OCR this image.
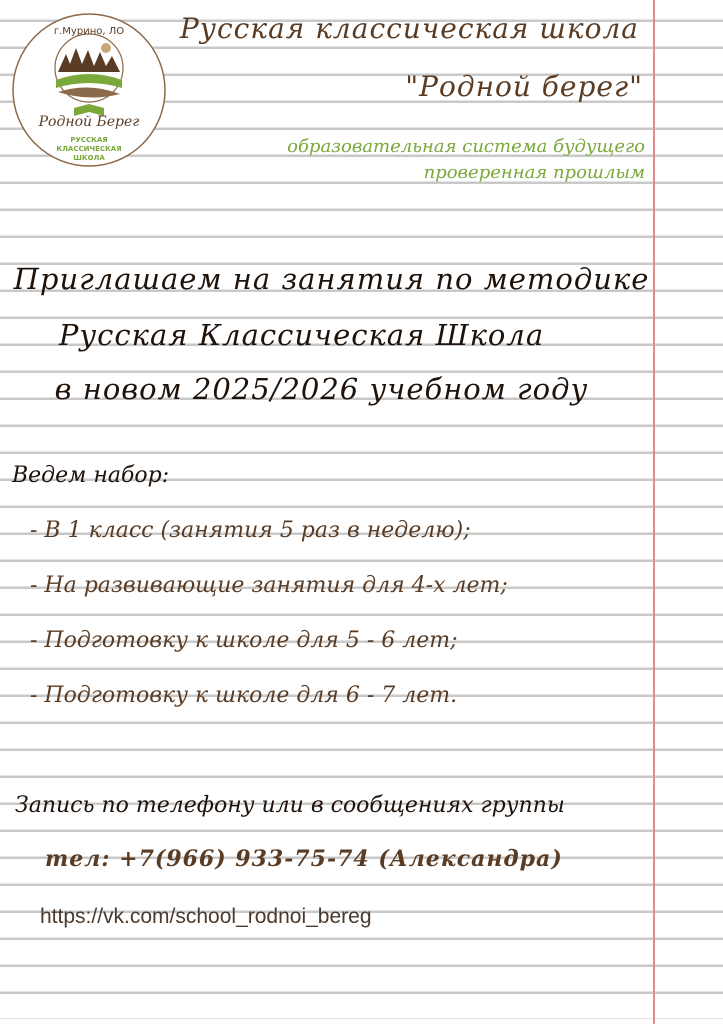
г.Мурино, ЛО
Родной Берег
РУССКАЯ
КЛАССИЧЕСКАЯ
ШКОЛА
Русская классическая школа
"Родной берег"
образовательная система будущего
проверенная прошлым
Приглашаем на занятия по методике
Русская Классическая Школа
в новом 2025/2026 учебном году
Ведем набор:
- В 1 класс (занятия 5 раз в неделю);
- На развивающие занятия для 4-х лет;
- Подготовку к школе для 5 - 6 лет;
- Подготовку к школе для 6 - 7 лет.
Запись по телефону или в сообщениях группы
тел: +7(966) 933-75-74 (Александра)
https://vk.com/school_rodnoi_bereg
